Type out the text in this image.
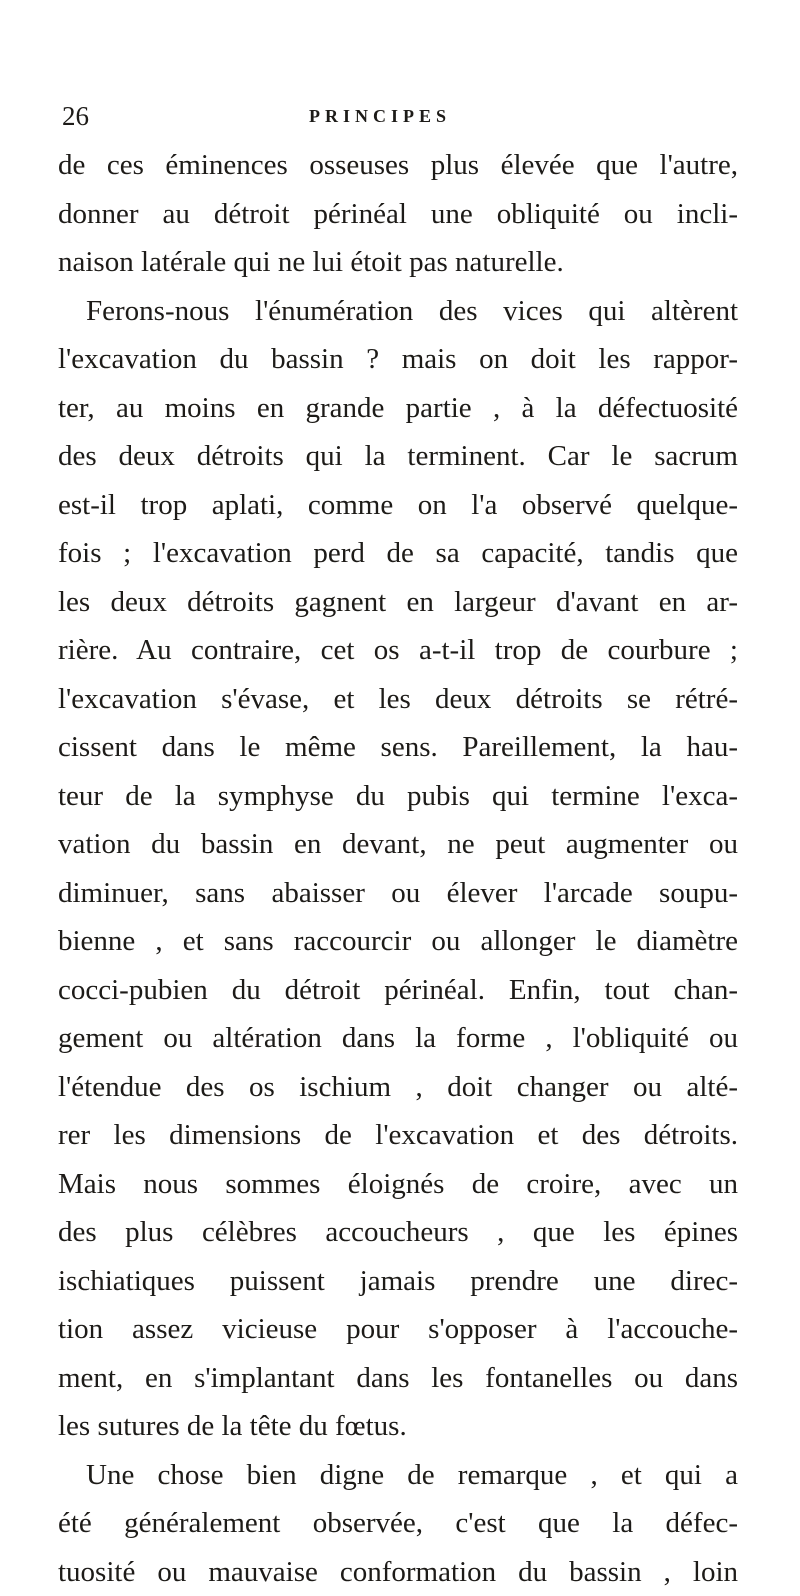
26	PRINCIPES
de ces éminences osseuses plus élevée que l'autre,
donner au détroit périnéal une obliquité ou incli-
naison latérale qui ne lui étoit pas naturelle.
Ferons-nous l'énumération des vices qui altèrent
l'excavation du bassin ? mais on doit les rappor-
ter, au moins en grande partie , à la défectuosité
des deux détroits qui la terminent. Car le sacrum
est-il trop aplati, comme on l'a observé quelque-
fois ; l'excavation perd de sa capacité, tandis que
les deux détroits gagnent en largeur d'avant en ar-
rière. Au contraire, cet os a-t-il trop de courbure ;
l'excavation s'évase, et les deux détroits se rétré-
cissent dans le même sens. Pareillement, la hau-
teur de la symphyse du pubis qui termine l'exca-
vation du bassin en devant, ne peut augmenter ou
diminuer, sans abaisser ou élever l'arcade soupu-
bienne , et sans raccourcir ou allonger le diamètre
cocci-pubien du détroit périnéal. Enfin, tout chan-
gement ou altération dans la forme , l'obliquité ou
l'étendue des os ischium , doit changer ou alté-
rer les dimensions de l'excavation et des détroits.
Mais nous sommes éloignés de croire, avec un
des plus célèbres accoucheurs , que les épines
ischiatiques puissent jamais prendre une direc-
tion assez vicieuse pour s'opposer à l'accouche-
ment, en s'implantant dans les fontanelles ou dans
les sutures de la tête du fœtus.
Une chose bien digne de remarque , et qui a
été généralement observée, c'est que la défec-
tuosité ou mauvaise conformation du bassin , loin
